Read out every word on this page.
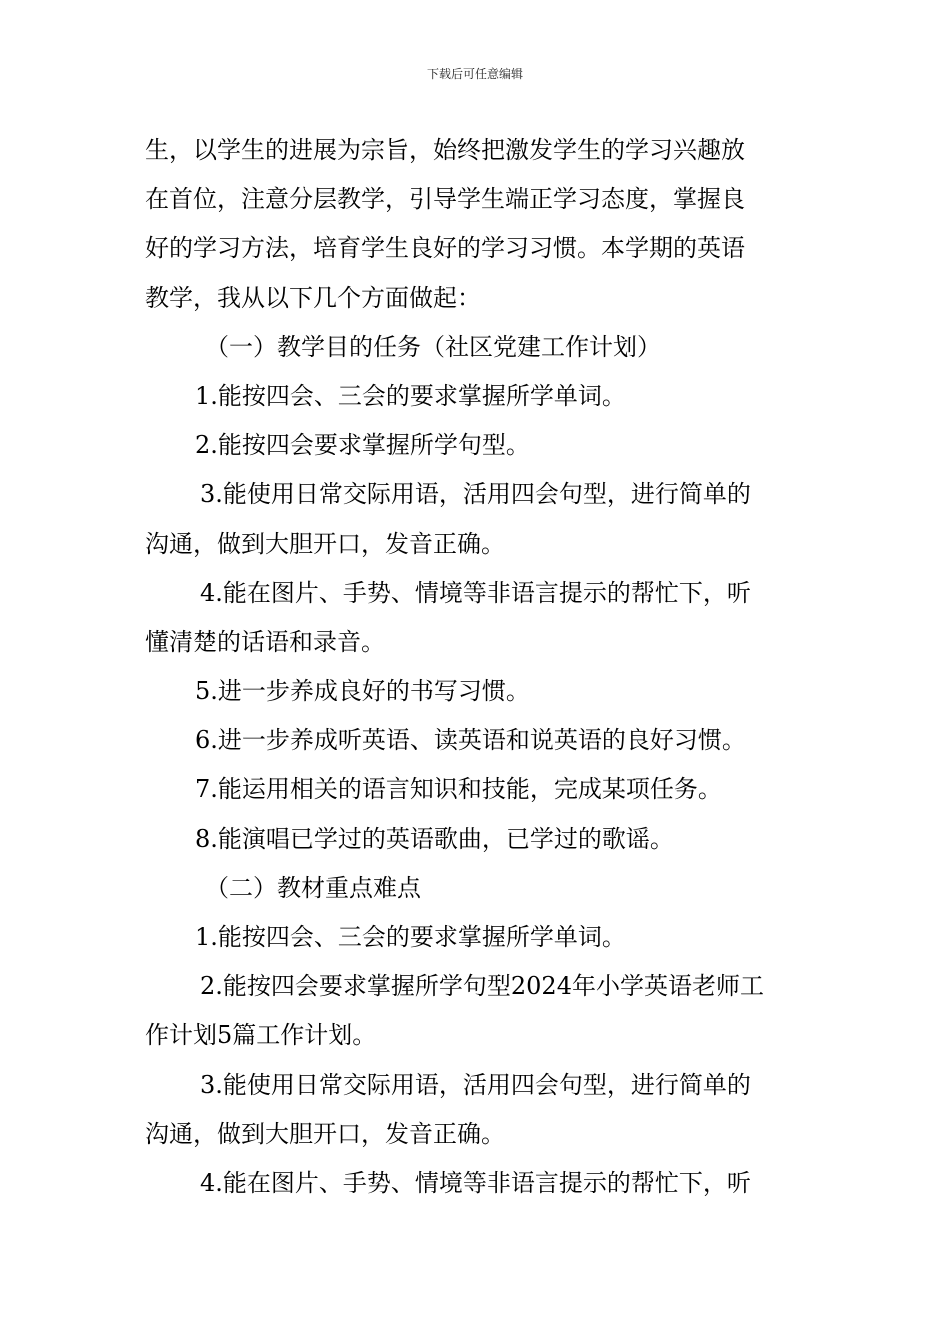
下载后可任意编辑
生，以学生的进展为宗旨，始终把激发学生的学习兴趣放
在首位，注意分层教学，引导学生端正学习态度，掌握良
好的学习方法，培育学生良好的学习习惯。本学期的英语
教学，我从以下几个方面做起：
（一）教学目的任务（社区党建工作计划）
1.能按四会、三会的要求掌握所学单词。
2.能按四会要求掌握所学句型。
3.能使用日常交际用语，活用四会句型，进行简单的
沟通，做到大胆开口，发音正确。
4.能在图片、手势、情境等非语言提示的帮忙下，听
懂清楚的话语和录音。
5.进一步养成良好的书写习惯。
6.进一步养成听英语、读英语和说英语的良好习惯。
7.能运用相关的语言知识和技能，完成某项任务。
8.能演唱已学过的英语歌曲，已学过的歌谣。
（二）教材重点难点
1.能按四会、三会的要求掌握所学单词。
2.能按四会要求掌握所学句型2024年小学英语老师工
作计划5篇工作计划。
3.能使用日常交际用语，活用四会句型，进行简单的
沟通，做到大胆开口，发音正确。
4.能在图片、手势、情境等非语言提示的帮忙下，听
